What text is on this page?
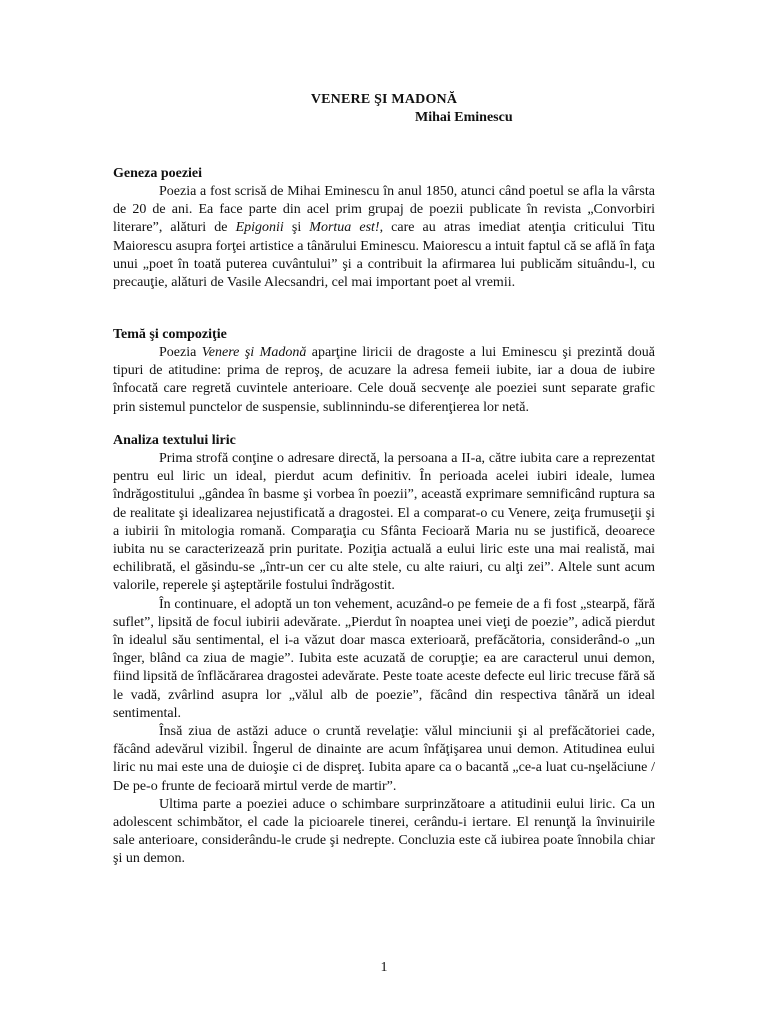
VENERE ŞI MADONĂ
Mihai Eminescu

Geneza poeziei

Poezia a fost scrisă de Mihai Eminescu în anul 1850, atunci când poetul se afla la vârsta de 20 de ani. Ea face parte din acel prim grupaj de poezii publicate în revista „Convorbiri literare”, alături de Epigonii şi Mortua est!, care au atras imediat atenţia criticului Titu Maiorescu asupra forţei artistice a tânărului Eminescu. Maiorescu a intuit faptul că se află în faţa unui „poet în toată puterea cuvântului” şi a contribuit la afirmarea lui publicăm situându-l, cu precauţie, alături de Vasile Alecsandri, cel mai important poet al vremii.

Temă şi compoziţie

Poezia Venere şi Madonă aparţine liricii de dragoste a lui Eminescu şi prezintă două tipuri de atitudine: prima de reproş, de acuzare la adresa femeii iubite, iar a doua de iubire înfocată care regretă cuvintele anterioare. Cele două secvenţe ale poeziei sunt separate grafic prin sistemul punctelor de suspensie, sublinnindu-se diferenţierea lor netă.

Analiza textului liric

Prima strofă conţine o adresare directă, la persoana a II-a, către iubita care a reprezentat pentru eul liric un ideal, pierdut acum definitiv. În perioada acelei iubiri ideale, lumea îndrăgostitului „gândea în basme şi vorbea în poezii”, această exprimare semnificând ruptura sa de realitate şi idealizarea nejustificată a dragostei. El a comparat-o cu Venere, zeiţa frumuseţii şi a iubirii în mitologia romană. Comparaţia cu Sfânta Fecioară Maria nu se justifică, deoarece iubita nu se caracterizează prin puritate. Poziţia actuală a eului liric este una mai realistă, mai echilibrată, el găsindu-se „într-un cer cu alte stele, cu alte raiuri, cu alţi zei”. Altele sunt acum valorile, reperele şi aşteptările fostului îndrăgostit.

În continuare, el adoptă un ton vehement, acuzând-o pe femeie de a fi fost „stearpă, fără suflet”, lipsită de focul iubirii adevărate. „Pierdut în noaptea unei vieţi de poezie”, adică pierdut în idealul său sentimental, el i-a văzut doar masca exterioară, prefăcătoria, considerând-o „un înger, blând ca ziua de magie”. Iubita este acuzată de corupţie; ea are caracterul unui demon, fiind lipsită de înflăcărarea dragostei adevărate. Peste toate aceste defecte eul liric trecuse fără să le vadă, zvârlind asupra lor „vălul alb de poezie”, făcând din respectiva tânără un ideal sentimental.

Însă ziua de astăzi aduce o cruntă revelaţie: vălul minciunii şi al prefăcătoriei cade, făcând adevărul vizibil. Îngerul de dinainte are acum înfăţişarea unui demon. Atitudinea eului liric nu mai este una de duioşie ci de dispreţ. Iubita apare ca o bacantă „ce-a luat cu-nşelăciune / De pe-o frunte de fecioară mirtul verde de martir”.

Ultima parte a poeziei aduce o schimbare surprinzătoare a atitudinii eului liric. Ca un adolescent schimbător, el cade la picioarele tinerei, cerându-i iertare. El renunţă la învinuirile sale anterioare, considerându-le crude şi nedrepte. Concluzia este că iubirea poate înnobila chiar şi un demon.

1
